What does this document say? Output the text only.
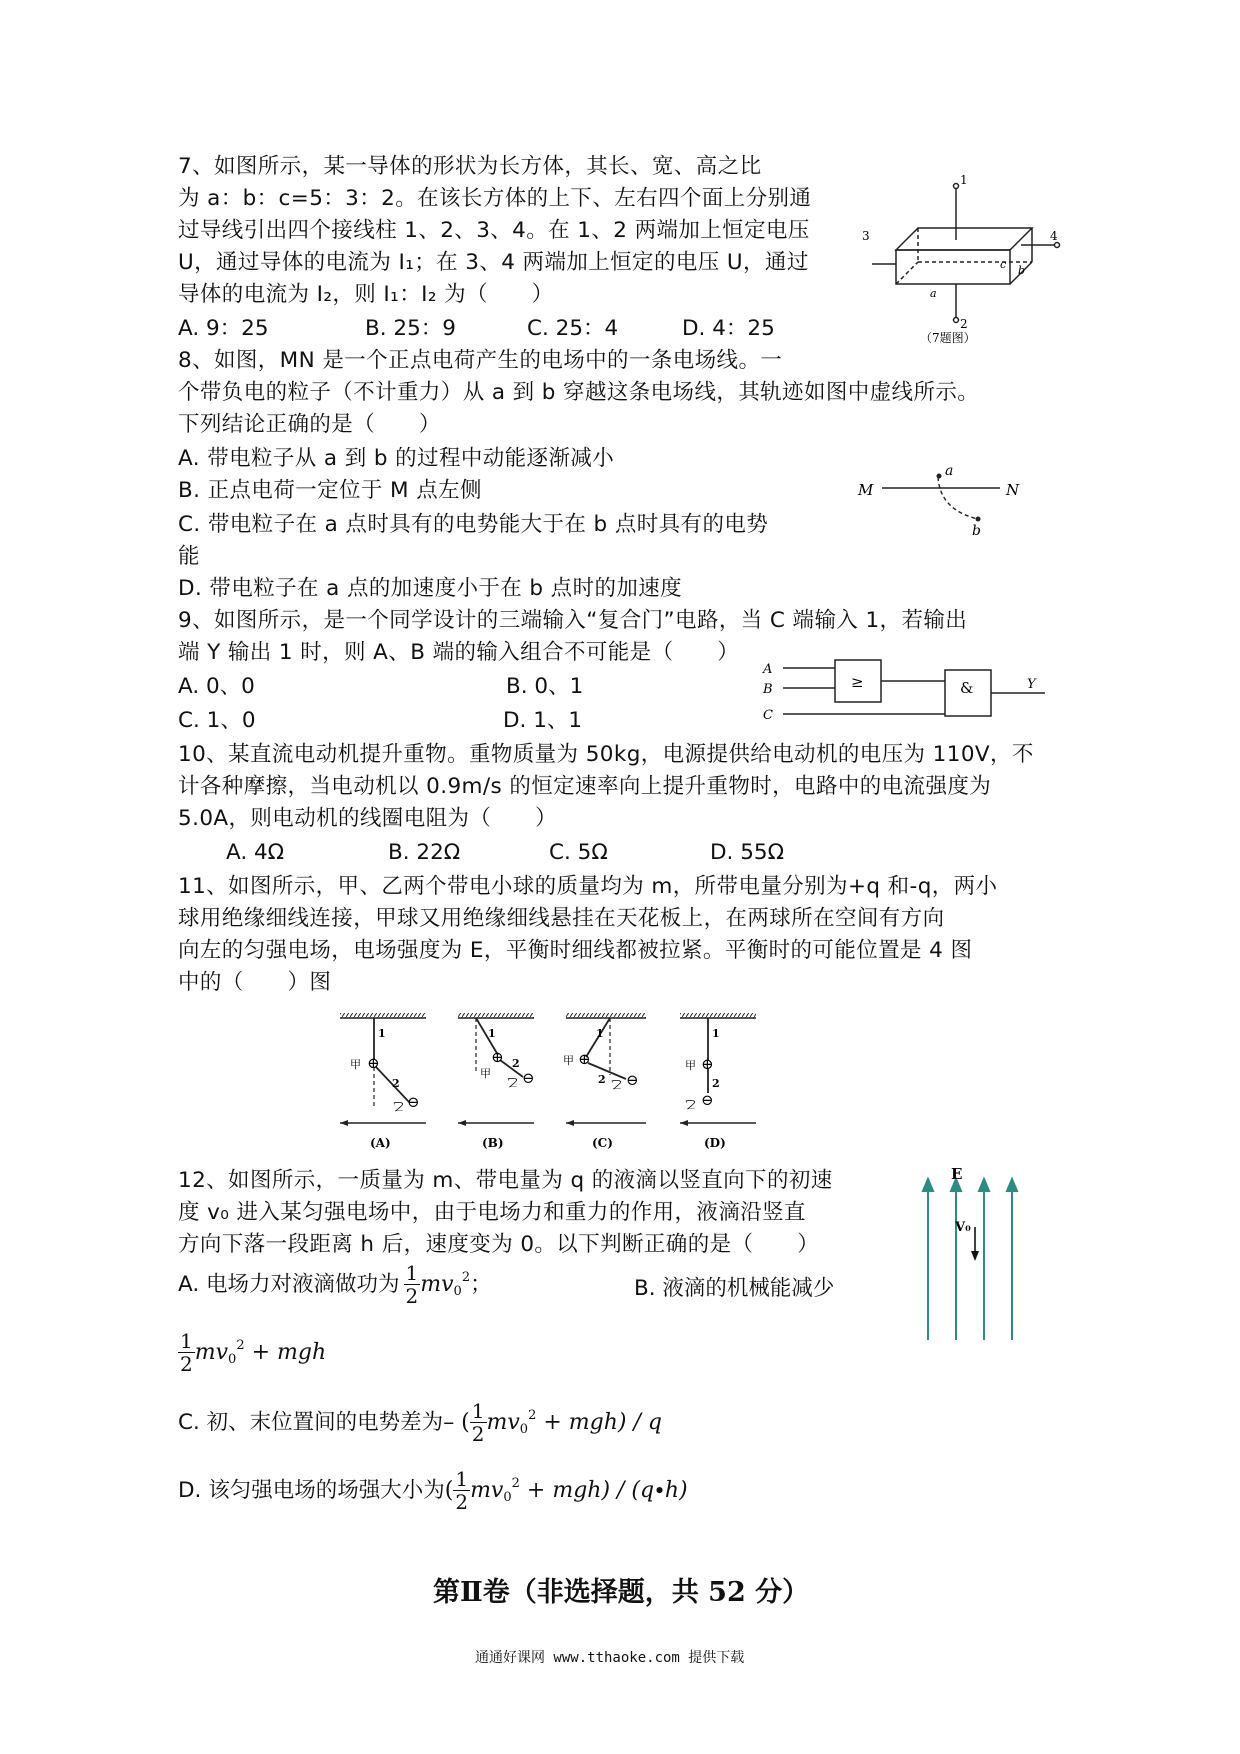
7、如图所示，某一导体的形状为长方体，其长、宽、高之比
为 a：b：c=5：3：2。在该长方体的上下、左右四个面上分别通
过导线引出四个接线柱 1、2、3、4。在 1、2 两端加上恒定电压
U，通过导体的电流为 I₁；在 3、4 两端加上恒定的电压 U，通过
导体的电流为 I₂，则 I₁：I₂ 为（　　）
A. 9：25	B. 25：9	C. 25：4	D. 4：25
1
2
3	4
a
b
c
（7题图）
8、如图，MN 是一个正点电荷产生的电场中的一条电场线。一
个带负电的粒子（不计重力）从 a 到 b 穿越这条电场线，其轨迹如图中虚线所示。
下列结论正确的是（　　）
A. 带电粒子从 a 到 b 的过程中动能逐渐减小
B. 正点电荷一定位于 M 点左侧
C. 带电粒子在 a 点时具有的电势能大于在 b 点时具有的电势
能
D. 带电粒子在 a 点的加速度小于在 b 点时的加速度
M	N
a
b
9、如图所示，是一个同学设计的三端输入“复合门”电路，当 C 端输入 1，若输出
端 Y 输出 1 时，则 A、B 端的输入组合不可能是（　　）
A. 0、0	B. 0、1
C. 1、0	D. 1、1
A
B
C
Y
≥	&
10、某直流电动机提升重物。重物质量为 50kg，电源提供给电动机的电压为 110V，不
计各种摩擦，当电动机以 0.9m/s 的恒定速率向上提升重物时，电路中的电流强度为
5.0A，则电动机的线圈电阻为（　　）
A. 4Ω	B. 22Ω	C. 5Ω	D. 55Ω
11、如图所示，甲、乙两个带电小球的质量均为 m，所带电量分别为+q 和-q，两小
球用绝缘细线连接，甲球又用绝缘细线悬挂在天花板上，在两球所在空间有方向
向左的匀强电场，电场强度为 E，平衡时细线都被拉紧。平衡时的可能位置是 4 图
中的（　　）图
1
⊕
甲
2
⊖
乙
(A)
1
⊕
甲
2
⊖
乙
(B)
1
⊕
甲
2 ⊖
乙
(C)
1
⊕
甲
2
⊖
乙
(D)
12、如图所示，一质量为 m、带电量为 q 的液滴以竖直向下的初速
度 v₀ 进入某匀强电场中，由于电场力和重力的作用，液滴沿竖直
方向下落一段距离 h 后，速度变为 0。以下判断正确的是（　　）
A. 电场力对液滴做功为 $\frac{1}{2} mv_0^2$ ；	B. 液滴的机械能减少
$\frac{1}{2} mv_0^2$ + mgh
C. 初、末位置间的电势差为 – ( $\frac{1}{2} mv_0^2 + mgh) / q$
D. 该匀强电场的场强大小为 ( $\frac{1}{2} mv_0^2 + mgh) / (q\cdot h)$
E
V₀
第Ⅱ卷（非选择题，共 52 分）
通通好课网 www.tthaoke.com 提供下载
